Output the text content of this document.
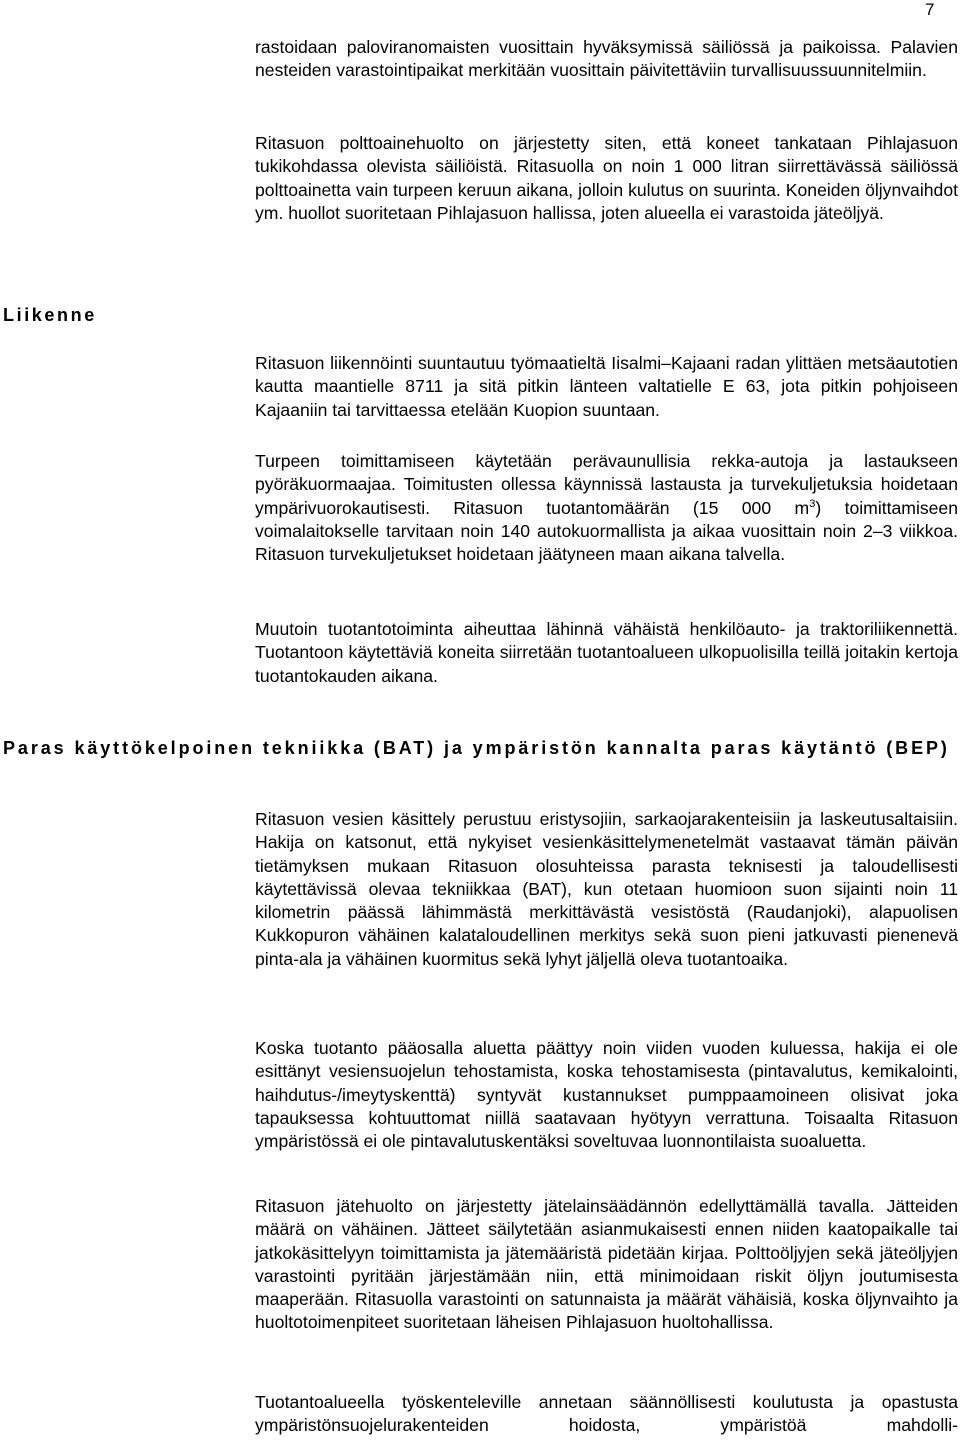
7

rastoidaan paloviranomaisten vuosittain hyväksymissä säiliössä ja paikoissa. Palavien nesteiden varastointipaikat merkitään vuosittain päivitettäviin turvallisuussuunnitelmiin.

Ritasuon polttoainehuolto on järjestetty siten, että koneet tankataan Pihlajasuon tukikohdassa olevista säiliöistä. Ritasuolla on noin 1 000 litran siirrettävässä säiliössä polttoainetta vain turpeen keruun aikana, jolloin kulutus on suurinta. Koneiden öljynvaihdot ym. huollot suoritetaan Pihlajasuon hallissa, joten alueella ei varastoida jäteöljyä.

Liikenne

Ritasuon liikennöinti suuntautuu työmaatieltä Iisalmi–Kajaani radan ylittäen metsäautotien kautta maantielle 8711 ja sitä pitkin länteen valtatielle E 63, jota pitkin pohjoiseen Kajaaniin tai tarvittaessa etelään Kuopion suuntaan.

Turpeen toimittamiseen käytetään perävaunullisia rekka-autoja ja lastaukseen pyöräkuormaajaa. Toimitusten ollessa käynnissä lastausta ja turvekuljetuksia hoidetaan ympärivuorokautisesti. Ritasuon tuotantomäärän (15 000 $m^3$) toimittamiseen voimalaitokselle tarvitaan noin 140 autokuormallista ja aikaa vuosittain noin 2–3 viikkoa. Ritasuon turvekuljetukset hoidetaan jäätyneen maan aikana talvella.

Muutoin tuotantotoiminta aiheuttaa lähinnä vähäistä henkilöauto- ja traktoriliikennettä. Tuotantoon käytettäviä koneita siirretään tuotantoalueen ulkopuolisilla teillä joitakin kertoja tuotantokauden aikana.

Paras käyttökelpoinen tekniikka (BAT) ja ympäristön kannalta paras käytäntö (BEP)

Ritasuon vesien käsittely perustuu eristysojiin, sarkaojarakenteisiin ja laskeutusaltaisiin. Hakija on katsonut, että nykyiset vesienkäsittelymenetelmät vastaavat tämän päivän tietämyksen mukaan Ritasuon olosuhteissa parasta teknisesti ja taloudellisesti käytettävissä olevaa tekniikkaa (BAT), kun otetaan huomioon suon sijainti noin 11 kilometrin päässä lähimmästä merkittävästä vesistöstä (Raudanjoki), alapuolisen Kukkopuron vähäinen kalataloudellinen merkitys sekä suon pieni jatkuvasti pienenevä pinta-ala ja vähäinen kuormitus sekä lyhyt jäljellä oleva tuotantoaika.

Koska tuotanto pääosalla aluetta päättyy noin viiden vuoden kuluessa, hakija ei ole esittänyt vesiensuojelun tehostamista, koska tehostamisesta (pintavalutus, kemikalointi, haihdutus-/imeytyskenttä) syntyvät kustannukset pumppaamoineen olisivat joka tapauksessa kohtuuttomat niillä saatavaan hyötyyn verrattuna. Toisaalta Ritasuon ympäristössä ei ole pintavalutuskentäksi soveltuvaa luonnontilaista suoaluetta.

Ritasuon jätehuolto on järjestetty jätelainsäädännön edellyttämällä tavalla. Jätteiden määrä on vähäinen. Jätteet säilytetään asianmukaisesti ennen niiden kaatopaikalle tai jatkokäsittelyyn toimittamista ja jätemääristä pidetään kirjaa. Polttoöljyjen sekä jäteöljyjen varastointi pyritään järjestämään niin, että minimoidaan riskit öljyn joutumisesta maaperään. Ritasuolla varastointi on satunnaista ja määrät vähäisiä, koska öljynvaihto ja huoltotoimenpiteet suoritetaan läheisen Pihlajasuon huoltohallissa.

Tuotantoalueella työskenteleville annetaan säännöllisesti koulutusta ja opastusta ympäristönsuojelurakenteiden hoidosta, ympäristöä mahdolli-
